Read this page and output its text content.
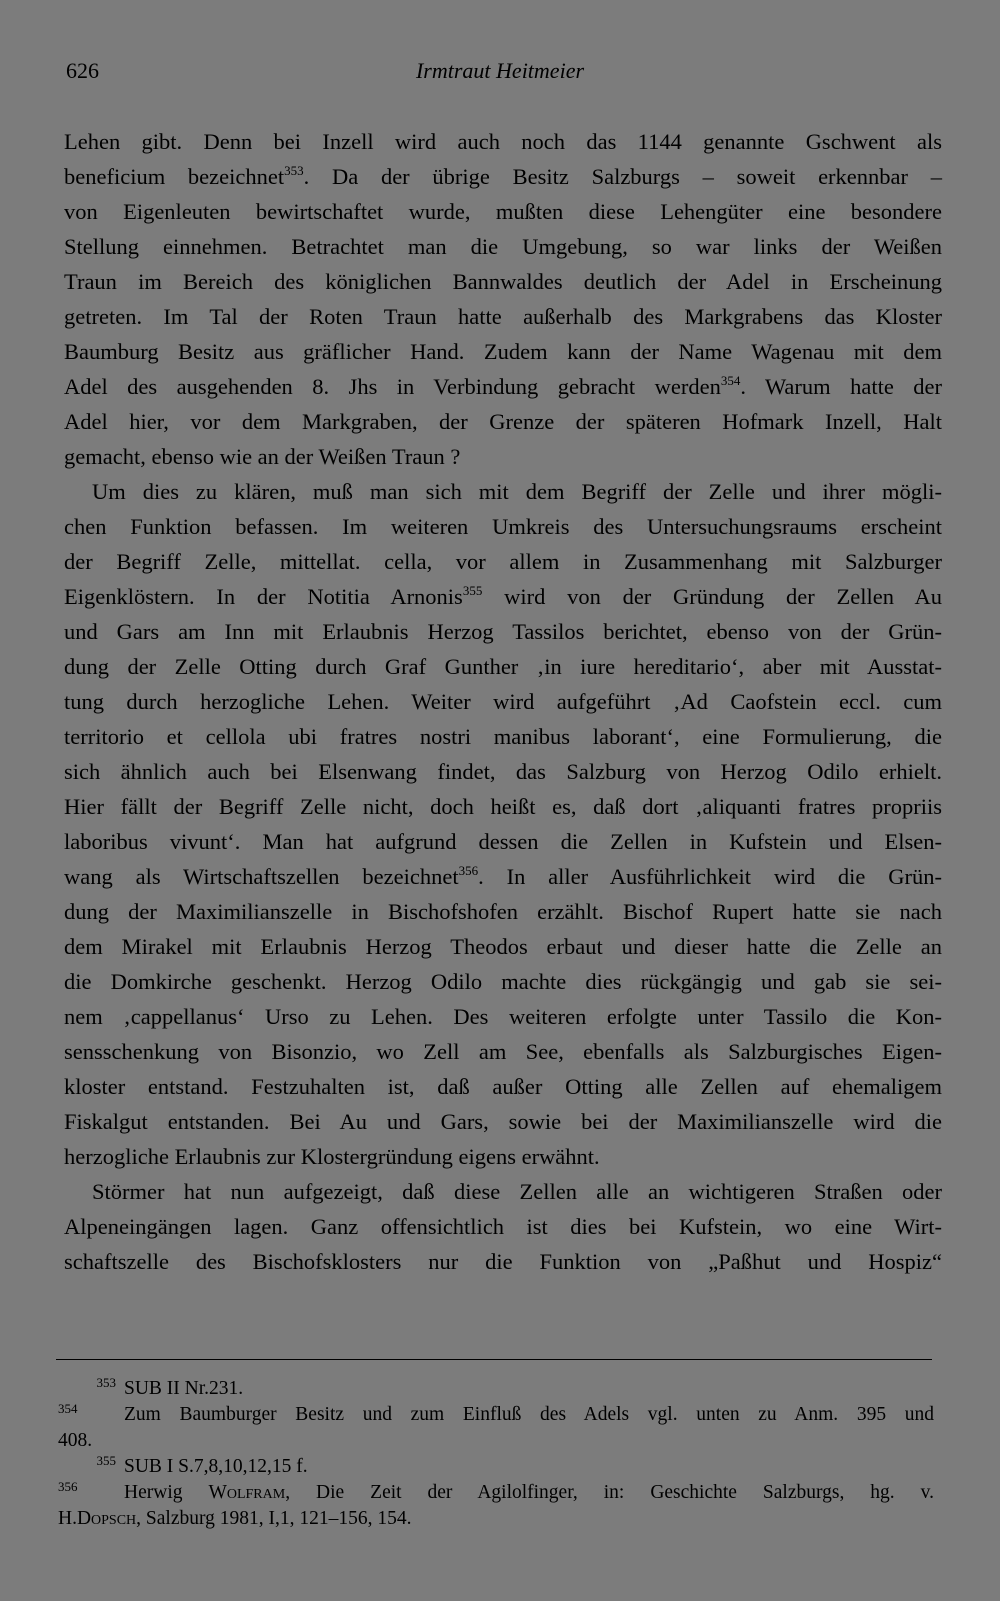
626	Irmtraut Heitmeier
Lehen gibt. Denn bei Inzell wird auch noch das 1144 genannte Gschwent als
beneficium bezeichnet$^{353}$. Da der übrige Besitz Salzburgs – soweit erkennbar –
von Eigenleuten bewirtschaftet wurde, mußten diese Lehengüter eine besondere
Stellung einnehmen. Betrachtet man die Umgebung, so war links der Weißen
Traun im Bereich des königlichen Bannwaldes deutlich der Adel in Erscheinung
getreten. Im Tal der Roten Traun hatte außerhalb des Markgrabens das Kloster
Baumburg Besitz aus gräflicher Hand. Zudem kann der Name Wagenau mit dem
Adel des ausgehenden 8. Jhs in Verbindung gebracht werden$^{354}$. Warum hatte der
Adel hier, vor dem Markgraben, der Grenze der späteren Hofmark Inzell, Halt
gemacht, ebenso wie an der Weißen Traun ?
Um dies zu klären, muß man sich mit dem Begriff der Zelle und ihrer mögli-
chen Funktion befassen. Im weiteren Umkreis des Untersuchungsraums erscheint
der Begriff Zelle, mittellat. cella, vor allem in Zusammenhang mit Salzburger
Eigenklöstern. In der Notitia Arnonis$^{355}$ wird von der Gründung der Zellen Au
und Gars am Inn mit Erlaubnis Herzog Tassilos berichtet, ebenso von der Grün-
dung der Zelle Otting durch Graf Gunther ‚in iure hereditario‘, aber mit Ausstat-
tung durch herzogliche Lehen. Weiter wird aufgeführt ‚Ad Caofstein eccl. cum
territorio et cellola ubi fratres nostri manibus laborant‘, eine Formulierung, die
sich ähnlich auch bei Elsenwang findet, das Salzburg von Herzog Odilo erhielt.
Hier fällt der Begriff Zelle nicht, doch heißt es, daß dort ‚aliquanti fratres propriis
laboribus vivunt‘. Man hat aufgrund dessen die Zellen in Kufstein und Elsen-
wang als Wirtschaftszellen bezeichnet$^{356}$. In aller Ausführlichkeit wird die Grün-
dung der Maximilianszelle in Bischofshofen erzählt. Bischof Rupert hatte sie nach
dem Mirakel mit Erlaubnis Herzog Theodos erbaut und dieser hatte die Zelle an
die Domkirche geschenkt. Herzog Odilo machte dies rückgängig und gab sie sei-
nem ‚cappellanus‘ Urso zu Lehen. Des weiteren erfolgte unter Tassilo die Kon-
sensschenkung von Bisonzio, wo Zell am See, ebenfalls als Salzburgisches Eigen-
kloster entstand. Festzuhalten ist, daß außer Otting alle Zellen auf ehemaligem
Fiskalgut entstanden. Bei Au und Gars, sowie bei der Maximilianszelle wird die
herzogliche Erlaubnis zur Klostergründung eigens erwähnt.
Störmer hat nun aufgezeigt, daß diese Zellen alle an wichtigeren Straßen oder
Alpeneingängen lagen. Ganz offensichtlich ist dies bei Kufstein, wo eine Wirt-
schaftszelle des Bischofsklosters nur die Funktion von „Paßhut und Hospiz“
353 SUB II Nr.231.
354 Zum Baumburger Besitz und zum Einfluß des Adels vgl. unten zu Anm. 395 und
408.
355 SUB I S.7,8,10,12,15 f.
356 Herwig Wolfram, Die Zeit der Agilolfinger, in: Geschichte Salzburgs, hg. v.
H.Dopsch, Salzburg 1981, I,1, 121–156, 154.
